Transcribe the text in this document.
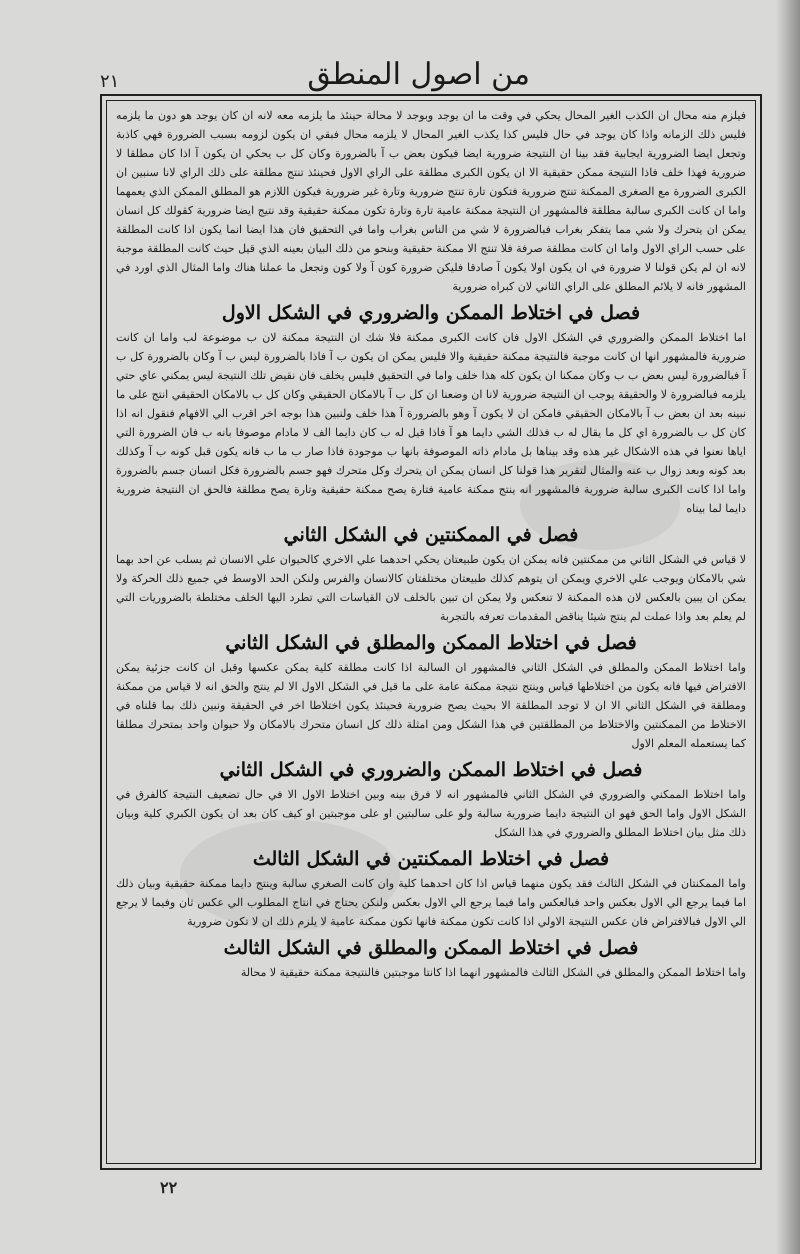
من اصول المنطق
٢١

فيلزم منه محال ان الكذب الغير المحال يحكي في وقت ما ان يوجد وبوجد لا محالة حينئذ ما يلزمه معه لانه ان كان يوجد هو دون ما يلزمه فليس ذلك الزمانه واذا كان يوجد في حال فليس كذا يكذب الغير المحال لا يلزمه محال فبقي ان يكون لزومه بسبب الضرورة فهي كاذبة وتجعل ايضا الضرورية ايجابية فقد بينا ان النتيجة ضرورية ايضا فيكون بعض ب آ بالضرورة وكان كل ب يحكي ان يكون آ اذا كان مطلقا لا ضرورية فهذا خلف فاذا النتيجة ممكن حقيقية الا ان يكون الكبرى مطلقة على الراي الاول فحينئذ تنتج مطلقة على ذلك الراي لانا سنبين ان الكبرى الضرورة مع الصغرى الممكنة تنتج ضرورية فتكون تارة تنتج ضرورية وتارة غير ضرورية فيكون اللازم هو المطلق الممكن الذي يعمهما واما ان كانت الكبرى سالبة مطلقة فالمشهور ان النتيجة ممكنة عامية تارة وتارة تكون ممكنة حقيقية وقد نتيج ايضا ضرورية كقولك كل انسان يمكن ان يتحرك ولا شي مما يتفكر بغراب فبالضرورة لا شي من الناس بغراب واما في التحقيق فان هذا ايضا انما يكون اذا كانت المطلقة على حسب الراي الاول واما ان كانت مطلقة صرفة فلا تنتج الا ممكنة حقيقية وبنحو من ذلك البيان بعينه الذي قيل حيث كانت المطلقة موجبة لانه ان لم يكن قولنا لا ضرورة في ان يكون اولا يكون آ صادقا فليكن ضرورة كون آ ولا كون وتجعل ما عملنا هناك واما المثال الذي اورد في المشهور فانه لا يلائم المطلق على الراي الثاني لان كبراه ضرورية

فصل في اختلاط الممكن والضروري في الشكل الاول

اما اختلاط الممكن والضروري في الشكل الاول فان كانت الكبرى ممكنة فلا شك ان النتيجة ممكنة لان ب موضوعة لب واما ان كانت ضرورية فالمشهور انها ان كانت موجبة فالنتيجة ممكنة حقيقية والا فليس يمكن ان يكون ب آ فاذا بالضرورة ليس ب آ وكان بالضرورة كل ب آ فبالضرورة ليس بعض ب ب وكان ممكنا ان يكون كله هذا خلف واما في التحقيق فليس يخلف فان نقيض تلك النتيجة ليس يمكني عاي حتي يلزمه فبالضرورة لا والحقيقة يوجب ان النتيجة ضرورية لانا ان وضعنا ان كل ب آ بالامكان الحقيقي وكان كل ب بالامكان الحقيقي انتج على ما نبينه بعد ان بعض ب آ بالامكان الحقيقي فامكن ان لا يكون آ وهو بالضرورة آ هذا خلف ولنبين هذا بوجه اخر اقرب الي الافهام فنقول انه اذا كان كل ب بالضرورة اي كل ما يقال له ب فذلك الشي دايما هو آ فاذا قيل له ب كان دايما الف لا مادام موصوفا بانه ب فان الضرورة التي اياها نعنوا في هذه الاشكال غير هذه وقد بيناها بل مادام ذاته الموصوفة بانها ب موجودة فاذا صار ب ما ب فانه يكون قبل كونه ب آ وكذلك بعد كونه وبعد زوال ب عنه والمثال لتقرير هذا قولنا كل انسان يمكن ان يتحرك وكل متحرك فهو جسم بالضرورة فكل انسان جسم بالضرورة واما اذا كانت الكبرى سالبة ضرورية فالمشهور انه ينتج ممكنة عامية فتارة يصح ممكنة حقيقية وتارة يصح مطلقة فالحق ان النتيجة ضرورية دايما لما بيناه

فصل في الممكنتين في الشكل الثاني

لا قياس في الشكل الثاني من ممكنتين فانه يمكن ان يكون طبيعتان يحكي احدهما علي الاخري كالحيوان علي الانسان ثم يسلب عن احد بهما شي بالامكان ويوجب علي الاخري ويمكن ان يتوهم كذلك طبيعتان مختلفتان كالانسان والفرس ولنكن الحد الاوسط في جميع ذلك الحركة ولا يمكن ان يبين بالعكس لان هذه الممكنة لا تنعكس ولا يمكن ان تبين بالخلف لان القياسات التي تطرد اليها الخلف مختلطة بالضروريات التي لم يعلم بعد واذا عملت لم ينتج شيئا يناقض المقدمات تعرفه بالتجربة

فصل في اختلاط الممكن والمطلق في الشكل الثاني

واما اختلاط الممكن والمطلق في الشكل الثاني فالمشهور ان السالبة اذا كانت مطلقة كلية يمكن عكسها وقبل ان كانت جزئية يمكن الافتراض فيها فانه يكون من اختلاطها قياس وينتج نتيجة ممكنة عامة على ما قيل في الشكل الاول الا لم ينتج والحق انه لا قياس من ممكنة ومطلقة في الشكل الثاني الا ان لا توجد المطلقة الا بحيث يصح ضرورية فحينئذ يكون اختلاطا اخر في الحقيقة ونبين ذلك بما قلناه في الاختلاط من الممكنتين والاختلاط من المطلقتين في هذا الشكل ومن امثلة ذلك كل انسان متحرك بالامكان ولا حيوان واحد بمتحرك مطلقا كما يستعمله المعلم الاول

فصل في اختلاط الممكن والضروري في الشكل الثاني

واما اختلاط الممكني والضروري في الشكل الثاني فالمشهور انه لا فرق بينه وبين اختلاط الاول الا في حال تضعيف النتيجة كالفرق في الشكل الاول واما الحق فهو ان النتيجة دايما ضرورية سالبة ولو على سالبتين او على موجبتين او كيف كان بعد ان يكون الكبري كلية وبيان ذلك مثل بيان اختلاط المطلق والضروري في هذا الشكل

فصل في اختلاط الممكنتين في الشكل الثالث

واما الممكنتان في الشكل الثالث فقد يكون منهما قياس اذا كان احدهما كلية وان كانت الصغري سالبة وينتج دايما ممكنة حقيقية وبيان ذلك اما فيما يرجع الي الاول بعكس واحد فبالعكس واما فيما يرجع الي الاول بعكس ولنكن يحتاج في انتاج المطلوب الي عكس ثان وفيما لا يرجع الي الاول فبالافتراض فان عكس النتيجة الاولي اذا كانت تكون ممكنة فانها تكون ممكنة عامية لا يلزم ذلك ان لا تكون ضرورية

فصل في اختلاط الممكن والمطلق في الشكل الثالث

واما اختلاط الممكن والمطلق في الشكل الثالث فالمشهور انهما اذا كانتا موجبتين فالنتيجة ممكنة حقيقية لا محالة

٢٢
